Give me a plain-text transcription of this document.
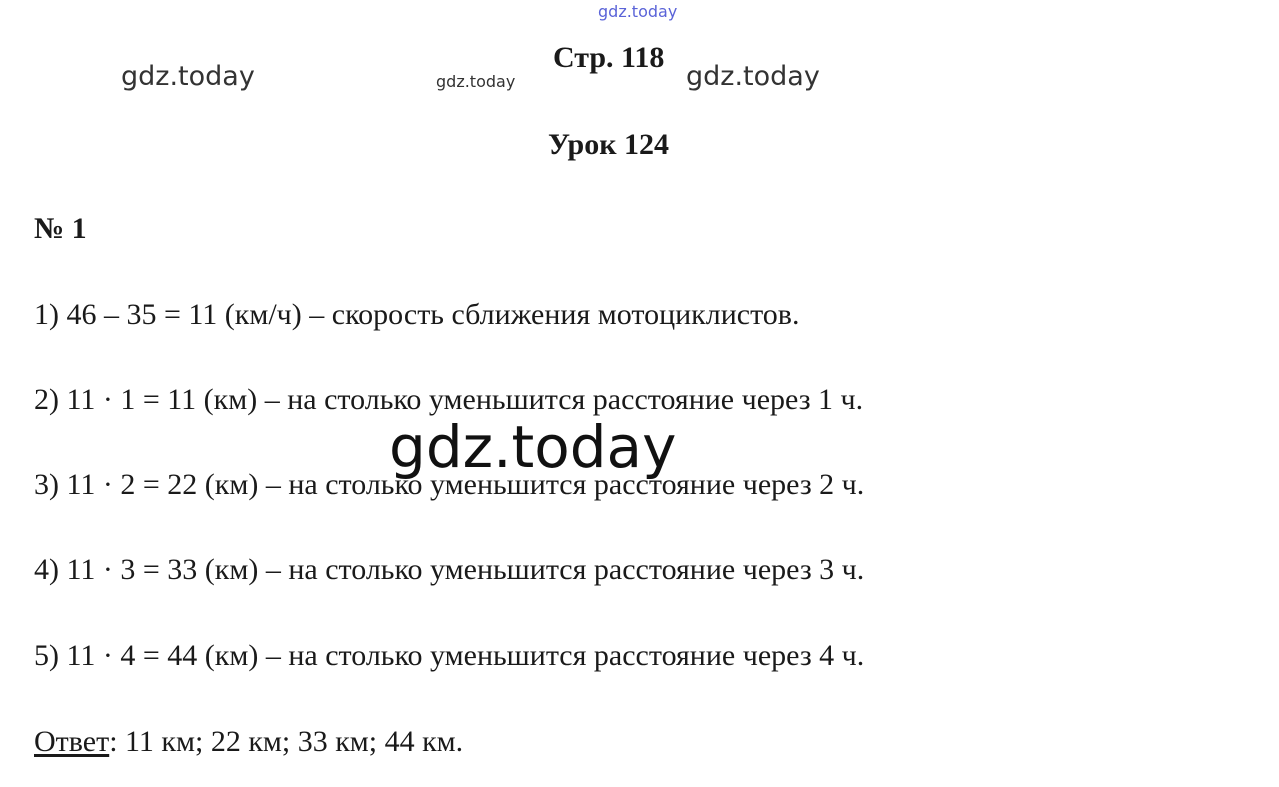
gdz.today
gdz.today	gdz.today	gdz.today
Стр. 118
Урок 124
№ 1
1) 46 – 35 = 11 (км/ч) – скорость сближения мотоциклистов.
2) 11 · 1 = 11 (км) – на столько уменьшится расстояние через 1 ч.
3) 11 · 2 = 22 (км) – на столько уменьшится расстояние через 2 ч.
4) 11 · 3 = 33 (км) – на столько уменьшится расстояние через 3 ч.
5) 11 · 4 = 44 (км) – на столько уменьшится расстояние через 4 ч.
Ответ: 11 км; 22 км; 33 км; 44 км.
gdz.today
